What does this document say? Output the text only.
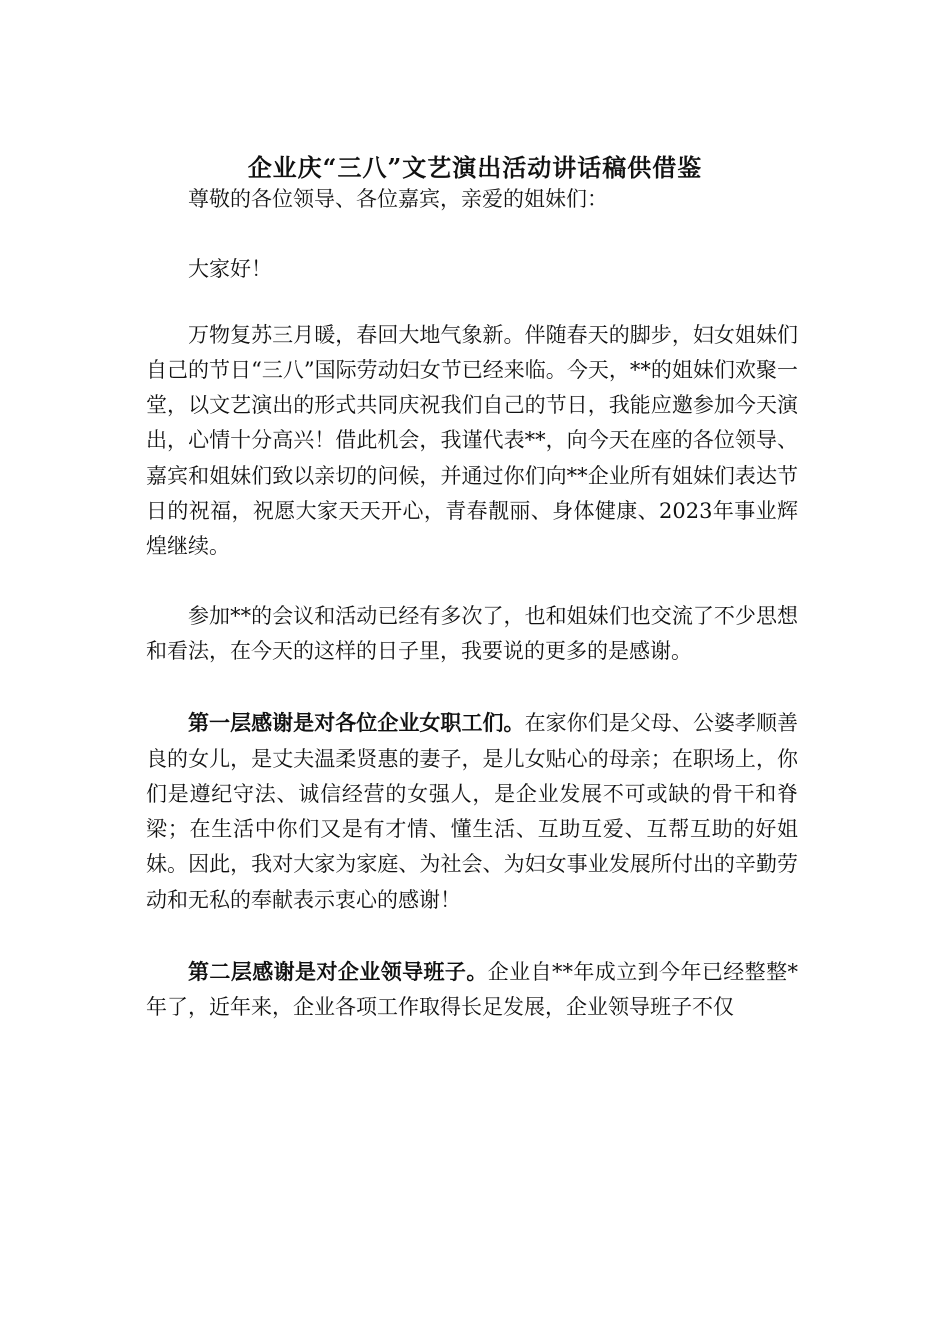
企业庆“三八”文艺演出活动讲话稿供借鉴

尊敬的各位领导、各位嘉宾，亲爱的姐妹们：

大家好！

万物复苏三月暖，春回大地气象新。伴随春天的脚步，妇女姐妹们自己的节日“三八”国际劳动妇女节已经来临。今天，**的姐妹们欢聚一堂，以文艺演出的形式共同庆祝我们自己的节日，我能应邀参加今天演出，心情十分高兴！借此机会，我谨代表**，向今天在座的各位领导、嘉宾和姐妹们致以亲切的问候，并通过你们向**企业所有姐妹们表达节日的祝福，祝愿大家天天开心，青春靓丽、身体健康、2023年事业辉煌继续。

参加**的会议和活动已经有多次了，也和姐妹们也交流了不少思想和看法，在今天的这样的日子里，我要说的更多的是感谢。

第一层感谢是对各位企业女职工们。在家你们是父母、公婆孝顺善良的女儿，是丈夫温柔贤惠的妻子，是儿女贴心的母亲；在职场上，你们是遵纪守法、诚信经营的女强人，是企业发展不可或缺的骨干和脊梁；在生活中你们又是有才情、懂生活、互助互爱、互帮互助的好姐妹。因此，我对大家为家庭、为社会、为妇女事业发展所付出的辛勤劳动和无私的奉献表示衷心的感谢！

第二层感谢是对企业领导班子。企业自**年成立到今年已经整整*年了，近年来，企业各项工作取得长足发展，企业领导班子不仅
